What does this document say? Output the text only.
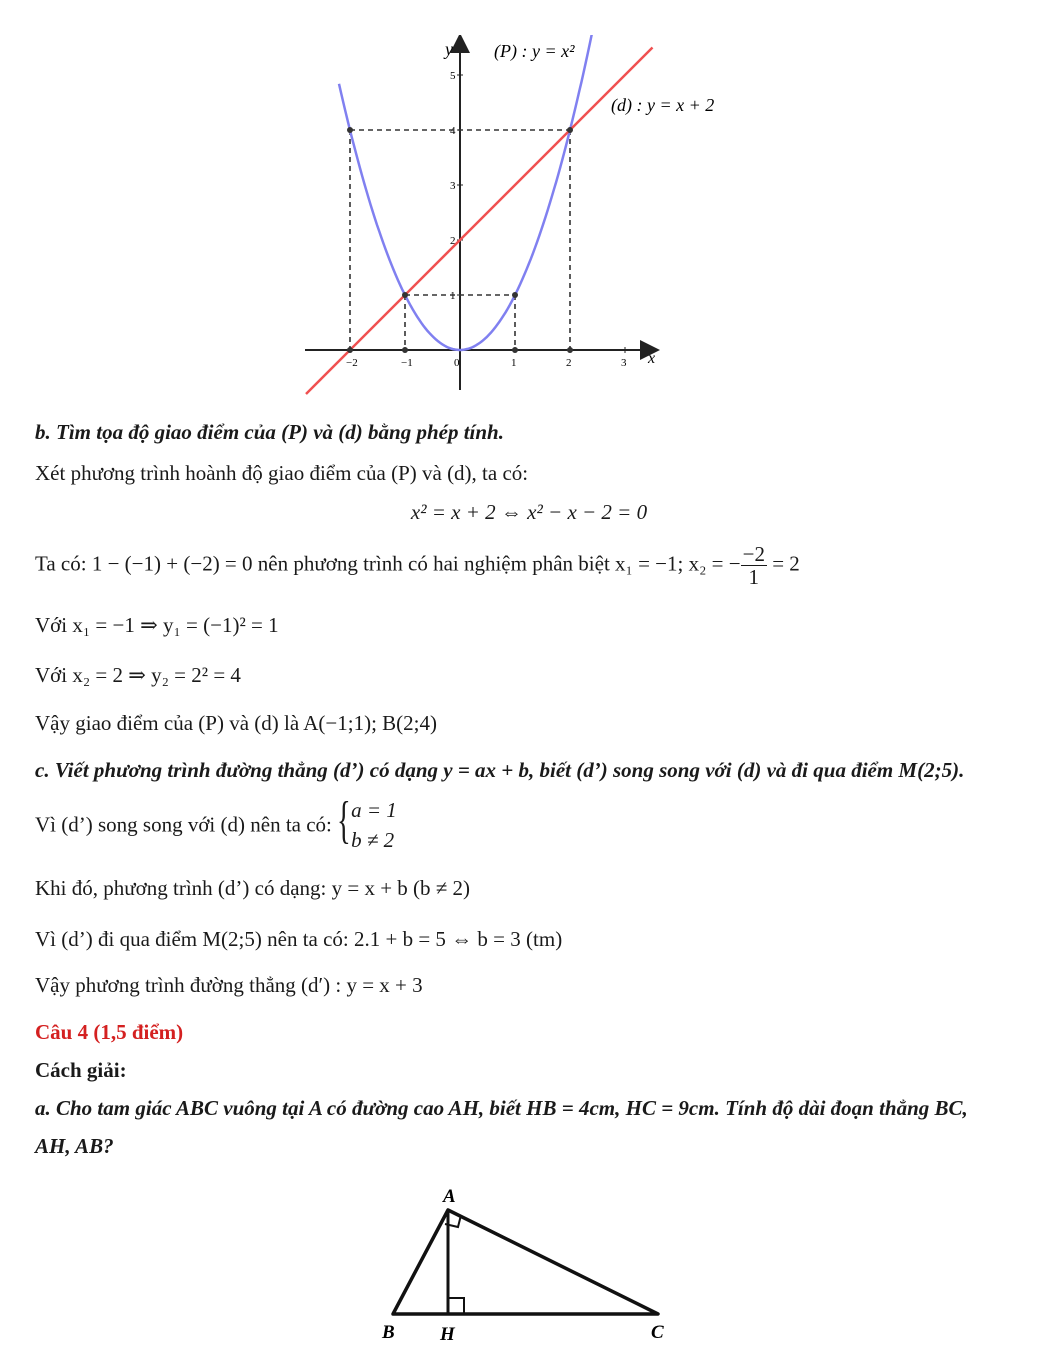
−2	−1	0	1	2	3
1
2
3
4
5
y
x
(P) : y = x²
(d) : y = x + 2
b. Tìm tọa độ giao điểm của (P) và (d) bằng phép tính.
Xét phương trình hoành độ giao điểm của (P) và (d), ta có:
x² = x + 2 ⇔ x² − x − 2 = 0
Ta có: 1 − (−1) + (−2) = 0 nên phương trình có hai nghiệm phân biệt x₁ = −1; x₂ = − $\frac{-2}{1} = 2$
Với x₁ = −1 ⇒ y₁ = (−1)² = 1
Với x₂ = 2 ⇒ y₂ = 2² = 4
Vậy giao điểm của (P) và (d) là A(−1;1); B(2;4)
c. Viết phương trình đường thẳng (d’) có dạng y = ax + b, biết (d’) song song với (d) và đi qua điểm M(2;5).
Vì (d’) song song với (d) nên ta có: { a = 1
b ≠ 2
Khi đó, phương trình (d’) có dạng: y = x + b (b ≠ 2)
Vì (d’) đi qua điểm M(2;5) nên ta có: 2.1 + b = 5 ⇔ b = 3 (tm)
Vậy phương trình đường thẳng (d′) : y = x + 3
Câu 4 (1,5 điểm)
Cách giải:
a. Cho tam giác ABC vuông tại A có đường cao AH, biết HB = 4cm, HC = 9cm. Tính độ dài đoạn thẳng BC,
AH, AB?
A
B H	C
